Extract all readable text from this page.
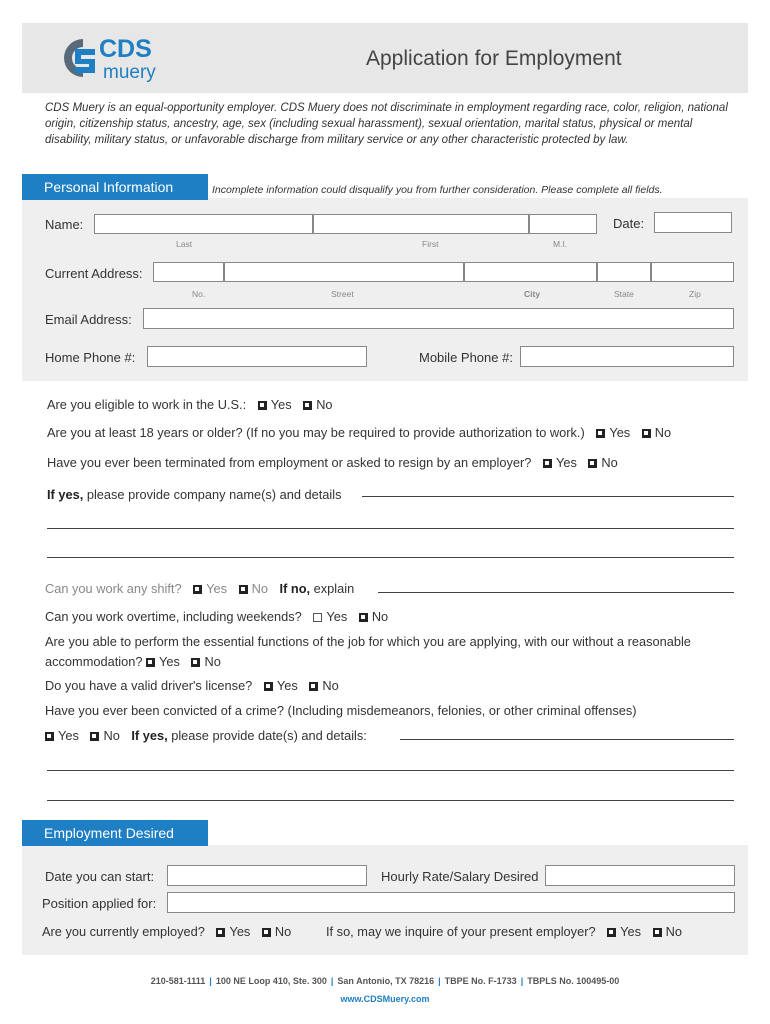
CDS
muery
Application for Employment
CDS Muery is an equal-opportunity employer. CDS Muery does not discriminate in employment regarding race, color, religion, national origin, citizenship status, ancestry, age, sex (including sexual harassment), sexual orientation, marital status, physical or mental disability, military status, or unfavorable discharge from military service or any other characteristic protected by law.
Personal Information	Incomplete information could disqualify you from further consideration. Please complete all fields.
Name:	Date:
Last	First	M.I.
Current Address:
No.	Street	City	State	Zip
Email Address:
Home Phone #:	Mobile Phone #:
Are you eligible to work in the U.S.: Yes No
Are you at least 18 years or older? (If no you may be required to provide authorization to work.) Yes No
Have you ever been terminated from employment or asked to resign by an employer? Yes No
If yes, please provide company name(s) and details
Can you work any shift? Yes No If no, explain
Can you work overtime, including weekends? Yes No
Are you able to perform the essential functions of the job for which you are applying, with our without a reasonable
accommodation? Yes No
Do you have a valid driver's license? Yes No
Have you ever been convicted of a crime? (Including misdemeanors, felonies, or other criminal offenses)
Yes No If yes, please provide date(s) and details:
Employment Desired
Date you can start:	Hourly Rate/Salary Desired
Position applied for:
Are you currently employed? Yes No	If so, may we inquire of your present employer? Yes No
210-581-1111 | 100 NE Loop 410, Ste. 300 | San Antonio, TX 78216 | TBPE No. F-1733 | TBPLS No. 100495-00
www.CDSMuery.com
